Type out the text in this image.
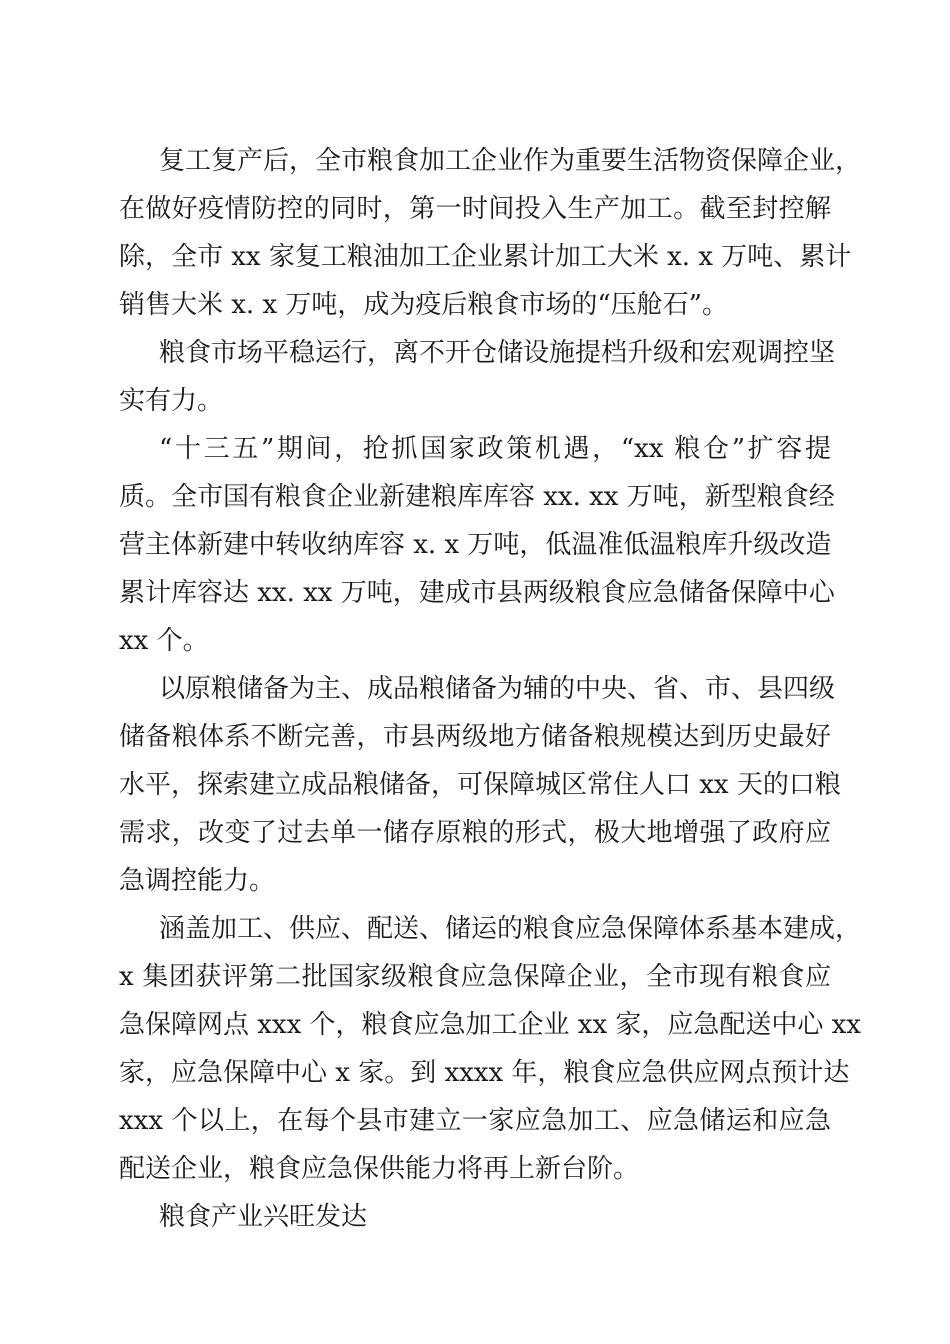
复工复产后，全市粮食加工企业作为重要生活物资保障企业，
在做好疫情防控的同时，第一时间投入生产加工。截至封控解
除，全市 xx 家复工粮油加工企业累计加工大米 x. x 万吨、累计
销售大米 x. x 万吨，成为疫后粮食市场的“压舱石”。
粮食市场平稳运行，离不开仓储设施提档升级和宏观调控坚
实有力。
“十三五”期间，抢抓国家政策机遇，“xx 粮仓”扩容提
质。全市国有粮食企业新建粮库库容 xx. xx 万吨，新型粮食经
营主体新建中转收纳库容 x. x 万吨，低温准低温粮库升级改造
累计库容达 xx. xx 万吨，建成市县两级粮食应急储备保障中心
xx 个。
以原粮储备为主、成品粮储备为辅的中央、省、市、县四级
储备粮体系不断完善，市县两级地方储备粮规模达到历史最好
水平，探索建立成品粮储备，可保障城区常住人口 xx 天的口粮
需求，改变了过去单一储存原粮的形式，极大地增强了政府应
急调控能力。
涵盖加工、供应、配送、储运的粮食应急保障体系基本建成，
x 集团获评第二批国家级粮食应急保障企业，全市现有粮食应
急保障网点 xxx 个，粮食应急加工企业 xx 家，应急配送中心 xx
家，应急保障中心 x 家。到 xxxx 年，粮食应急供应网点预计达
xxx 个以上，在每个县市建立一家应急加工、应急储运和应急
配送企业，粮食应急保供能力将再上新台阶。
粮食产业兴旺发达
